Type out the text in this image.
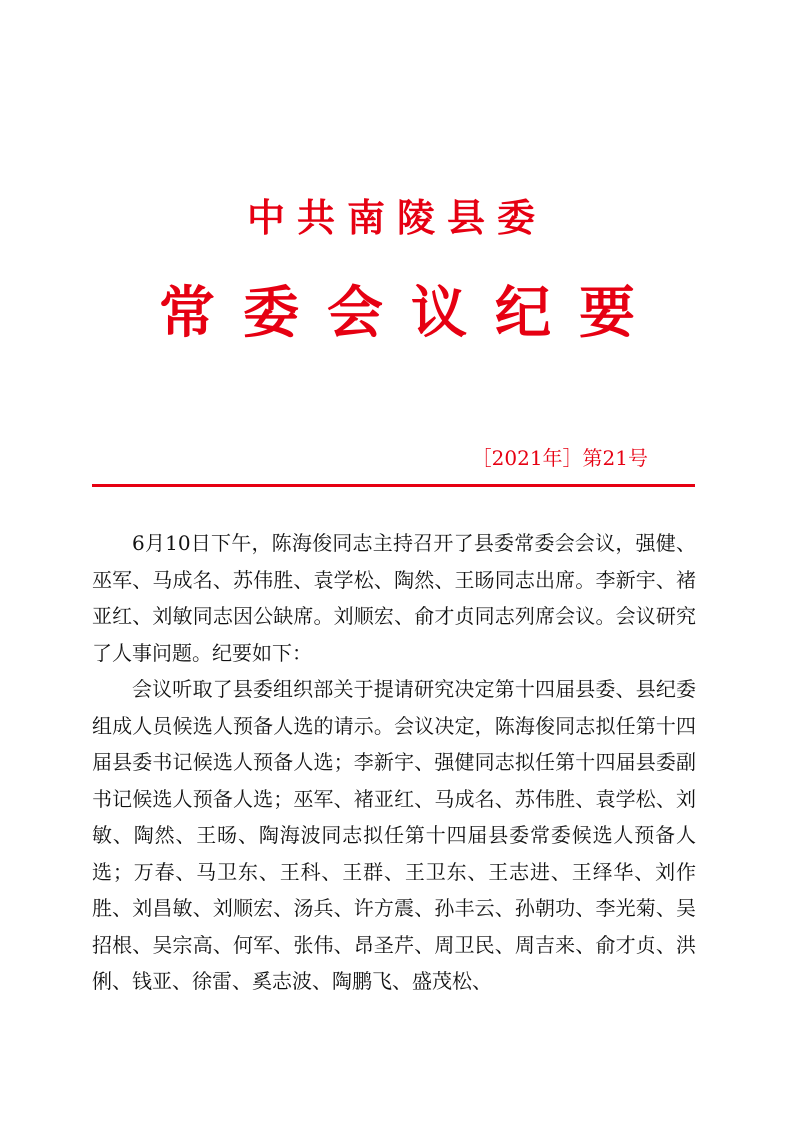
中共南陵县委
常委会议纪要
［2021年］第21号

6月10日下午，陈海俊同志主持召开了县委常委会会议，强健、巫军、马成名、苏伟胜、袁学松、陶然、王旸同志出席。李新宇、褚亚红、刘敏同志因公缺席。刘顺宏、俞才贞同志列席会议。会议研究了人事问题。纪要如下：

会议听取了县委组织部关于提请研究决定第十四届县委、县纪委组成人员候选人预备人选的请示。会议决定，陈海俊同志拟任第十四届县委书记候选人预备人选；李新宇、强健同志拟任第十四届县委副书记候选人预备人选；巫军、褚亚红、马成名、苏伟胜、袁学松、刘敏、陶然、王旸、陶海波同志拟任第十四届县委常委候选人预备人选；万春、马卫东、王科、王群、王卫东、王志进、王绎华、刘作胜、刘昌敏、刘顺宏、汤兵、许方震、孙丰云、孙朝功、李光菊、吴招根、吴宗高、何军、张伟、昂圣芹、周卫民、周吉来、俞才贞、洪俐、钱亚、徐雷、奚志波、陶鹏飞、盛茂松、
